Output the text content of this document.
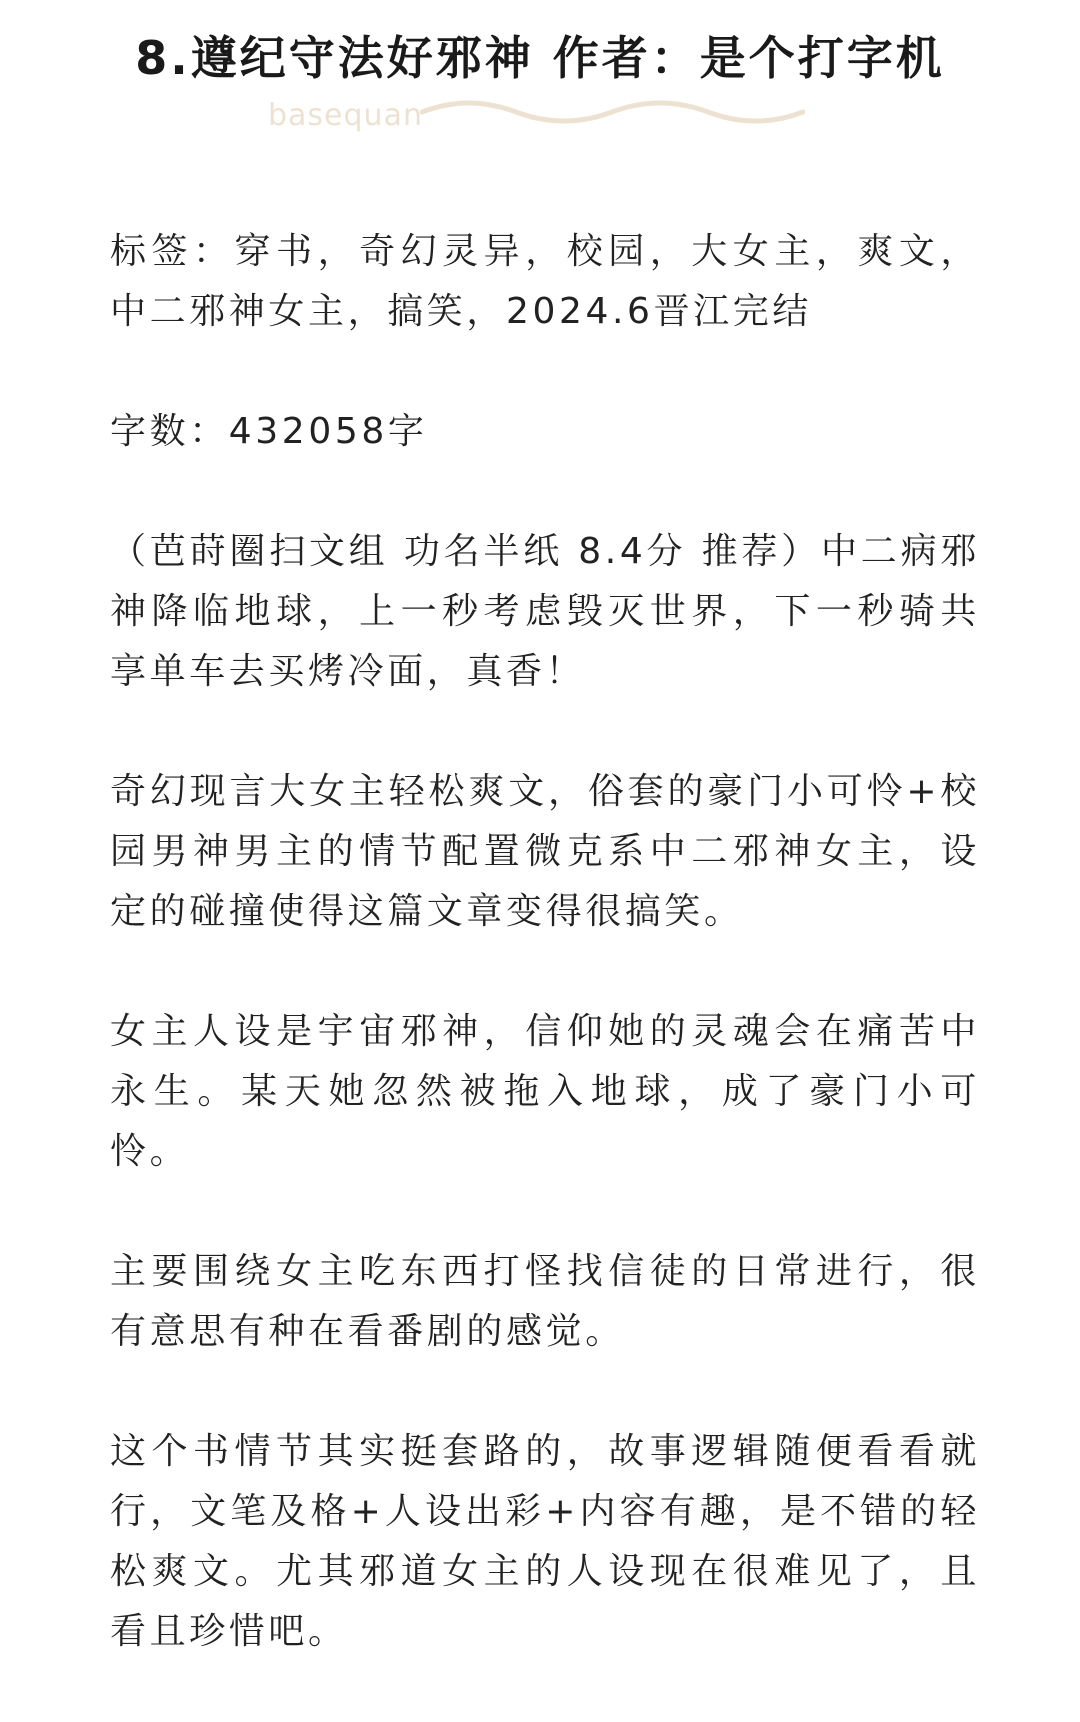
8.遵纪守法好邪神 作者：是个打字机
basequan

标签：穿书，奇幻灵异，校园，大女主，爽文，中二邪神女主，搞笑，2024.6晋江完结

字数：432058字

（芭莳圈扫文组 功名半纸 8.4分 推荐）中二病邪神降临地球，上一秒考虑毁灭世界，下一秒骑共享单车去买烤冷面，真香！

奇幻现言大女主轻松爽文，俗套的豪门小可怜+校园男神男主的情节配置微克系中二邪神女主，设定的碰撞使得这篇文章变得很搞笑。

女主人设是宇宙邪神，信仰她的灵魂会在痛苦中永生。某天她忽然被拖入地球，成了豪门小可怜。

主要围绕女主吃东西打怪找信徒的日常进行，很有意思有种在看番剧的感觉。

这个书情节其实挺套路的，故事逻辑随便看看就行，文笔及格+人设出彩+内容有趣，是不错的轻松爽文。尤其邪道女主的人设现在很难见了，且看且珍惜吧。
